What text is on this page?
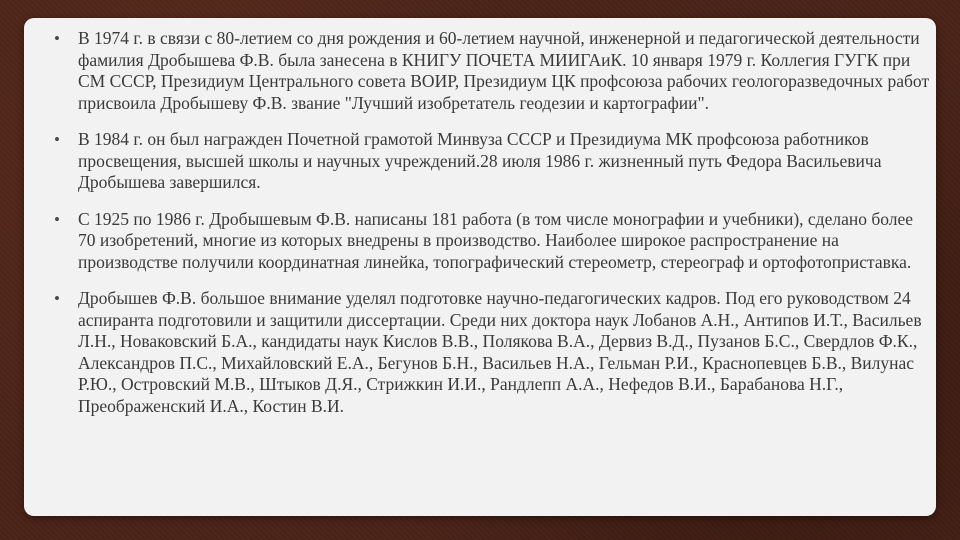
• В 1974 г. в связи с 80-летием со дня рождения и 60-летием научной, инженерной и педагогической деятельности фамилия Дробышева Ф.В. была занесена в КНИГУ ПОЧЕТА МИИГАиК. 10 января 1979 г. Коллегия ГУГК при СМ СССР, Президиум Центрального совета ВОИР, Президиум ЦК профсоюза рабочих геологоразведочных работ присвоила Дробышеву Ф.В. звание "Лучший изобретатель геодезии и картографии".
• В 1984 г. он был награжден Почетной грамотой Минвуза СССР и Президиума МК профсоюза работников просвещения, высшей школы и научных учреждений.28 июля 1986 г. жизненный путь Федора Васильевича Дробышева завершился.
• С 1925 по 1986 г. Дробышевым Ф.В. написаны 181 работа (в том числе монографии и учебники), сделано более 70 изобретений, многие из которых внедрены в производство. Наиболее широкое распространение на производстве получили координатная линейка, топографический стереометр, стереограф и ортофотоприставка.
• Дробышев Ф.В. большое внимание уделял подготовке научно-педагогических кадров. Под его руководством 24 аспиранта подготовили и защитили диссертации. Среди них доктора наук Лобанов А.Н., Антипов И.Т., Васильев Л.Н., Новаковский Б.А., кандидаты наук Кислов В.В., Полякова В.А., Дервиз В.Д., Пузанов Б.С., Свердлов Ф.К., Александров П.С., Михайловский Е.А., Бегунов Б.Н., Васильев Н.А., Гельман Р.И., Краснопевцев Б.В., Вилунас Р.Ю., Островский М.В., Штыков Д.Я., Стрижкин И.И., Рандлепп А.А., Нефедов В.И., Барабанова Н.Г., Преображенский И.А., Костин В.И.
